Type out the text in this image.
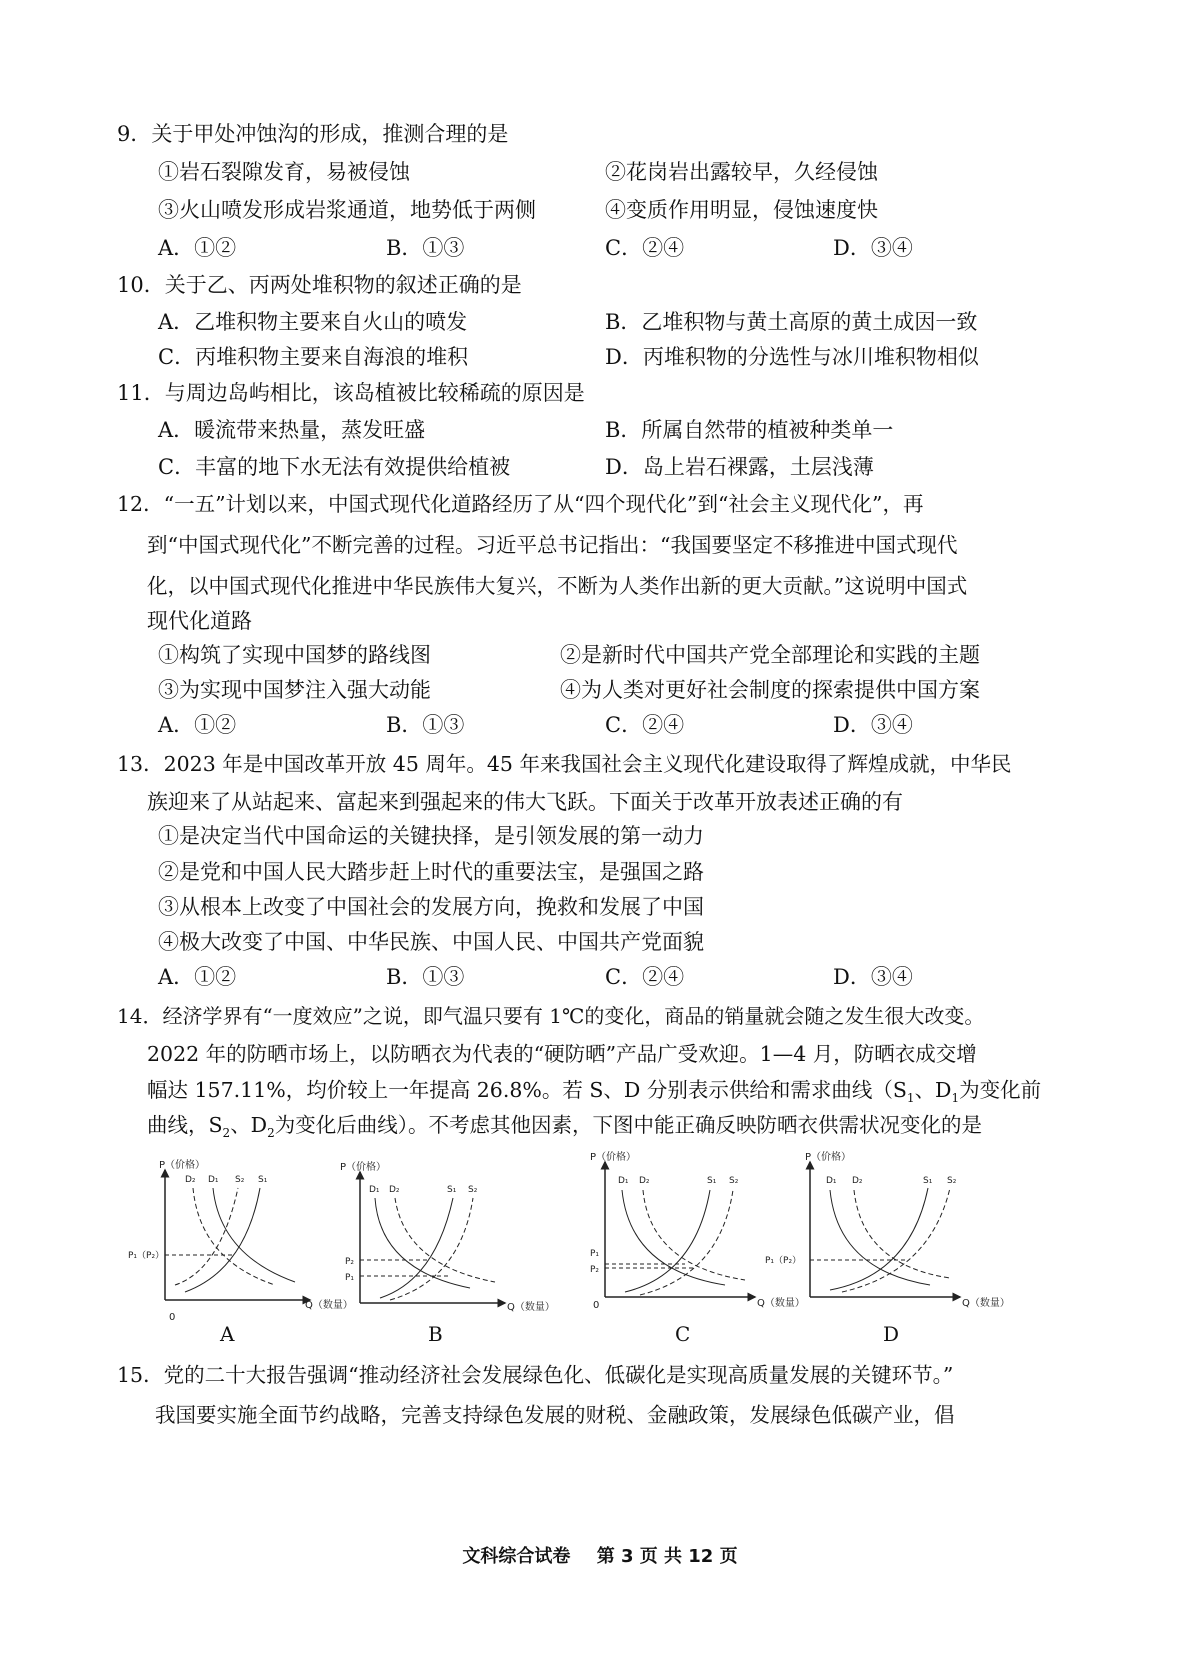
9．关于甲处冲蚀沟的形成，推测合理的是
①岩石裂隙发育，易被侵蚀	②花岗岩出露较早，久经侵蚀
③火山喷发形成岩浆通道，地势低于两侧	④变质作用明显，侵蚀速度快
A．①②	B．①③	C．②④	D．③④
10．关于乙、丙两处堆积物的叙述正确的是
A．乙堆积物主要来自火山的喷发	B．乙堆积物与黄土高原的黄土成因一致
C．丙堆积物主要来自海浪的堆积	D．丙堆积物的分选性与冰川堆积物相似
11．与周边岛屿相比，该岛植被比较稀疏的原因是
A．暖流带来热量，蒸发旺盛	B．所属自然带的植被种类单一
C．丰富的地下水无法有效提供给植被	D．岛上岩石裸露，土层浅薄
12．“一五”计划以来，中国式现代化道路经历了从“四个现代化”到“社会主义现代化”，再
到“中国式现代化”不断完善的过程。习近平总书记指出：“我国要坚定不移推进中国式现代
化，以中国式现代化推进中华民族伟大复兴，不断为人类作出新的更大贡献。”这说明中国式
现代化道路
①构筑了实现中国梦的路线图	②是新时代中国共产党全部理论和实践的主题
③为实现中国梦注入强大动能	④为人类对更好社会制度的探索提供中国方案
A．①②	B．①③	C．②④	D．③④
13．2023 年是中国改革开放 45 周年。45 年来我国社会主义现代化建设取得了辉煌成就，中华民
族迎来了从站起来、富起来到强起来的伟大飞跃。下面关于改革开放表述正确的有
①是决定当代中国命运的关键抉择，是引领发展的第一动力
②是党和中国人民大踏步赶上时代的重要法宝，是强国之路
③从根本上改变了中国社会的发展方向，挽救和发展了中国
④极大改变了中国、中华民族、中国人民、中国共产党面貌
A．①②	B．①③	C．②④	D．③④
14．经济学界有“一度效应”之说，即气温只要有 1℃的变化，商品的销量就会随之发生很大改变。
2022 年的防晒市场上，以防晒衣为代表的“硬防晒”产品广受欢迎。1—4 月，防晒衣成交增
幅达 157.11%，均价较上一年提高 26.8%。若 S、D 分别表示供给和需求曲线（$S_1$、$D_1$为变化前
曲线，$S_2$、$D_2$为变化后曲线）。不考虑其他因素，下图中能正确反映防晒衣供需状况变化的是
P（价格）
Q（数量）
0
P₁（P₂）
D₂ D₁ S₂ S₁
A
P（价格）
Q（数量）
P₂
P₁
D₁ D₂	S₁ S₂
B
P（价格）
Q（数量）
0
P₁
P₂
D₁ D₂	S₁ S₂
C
P（价格）
Q（数量）
P₁（P₂）
D₁ D₂	S₁ S₂
D
15．党的二十大报告强调“推动经济社会发展绿色化、低碳化是实现高质量发展的关键环节。”
我国要实施全面节约战略，完善支持绿色发展的财税、金融政策，发展绿色低碳产业，倡
文科综合试卷 第 3 页 共 12 页
